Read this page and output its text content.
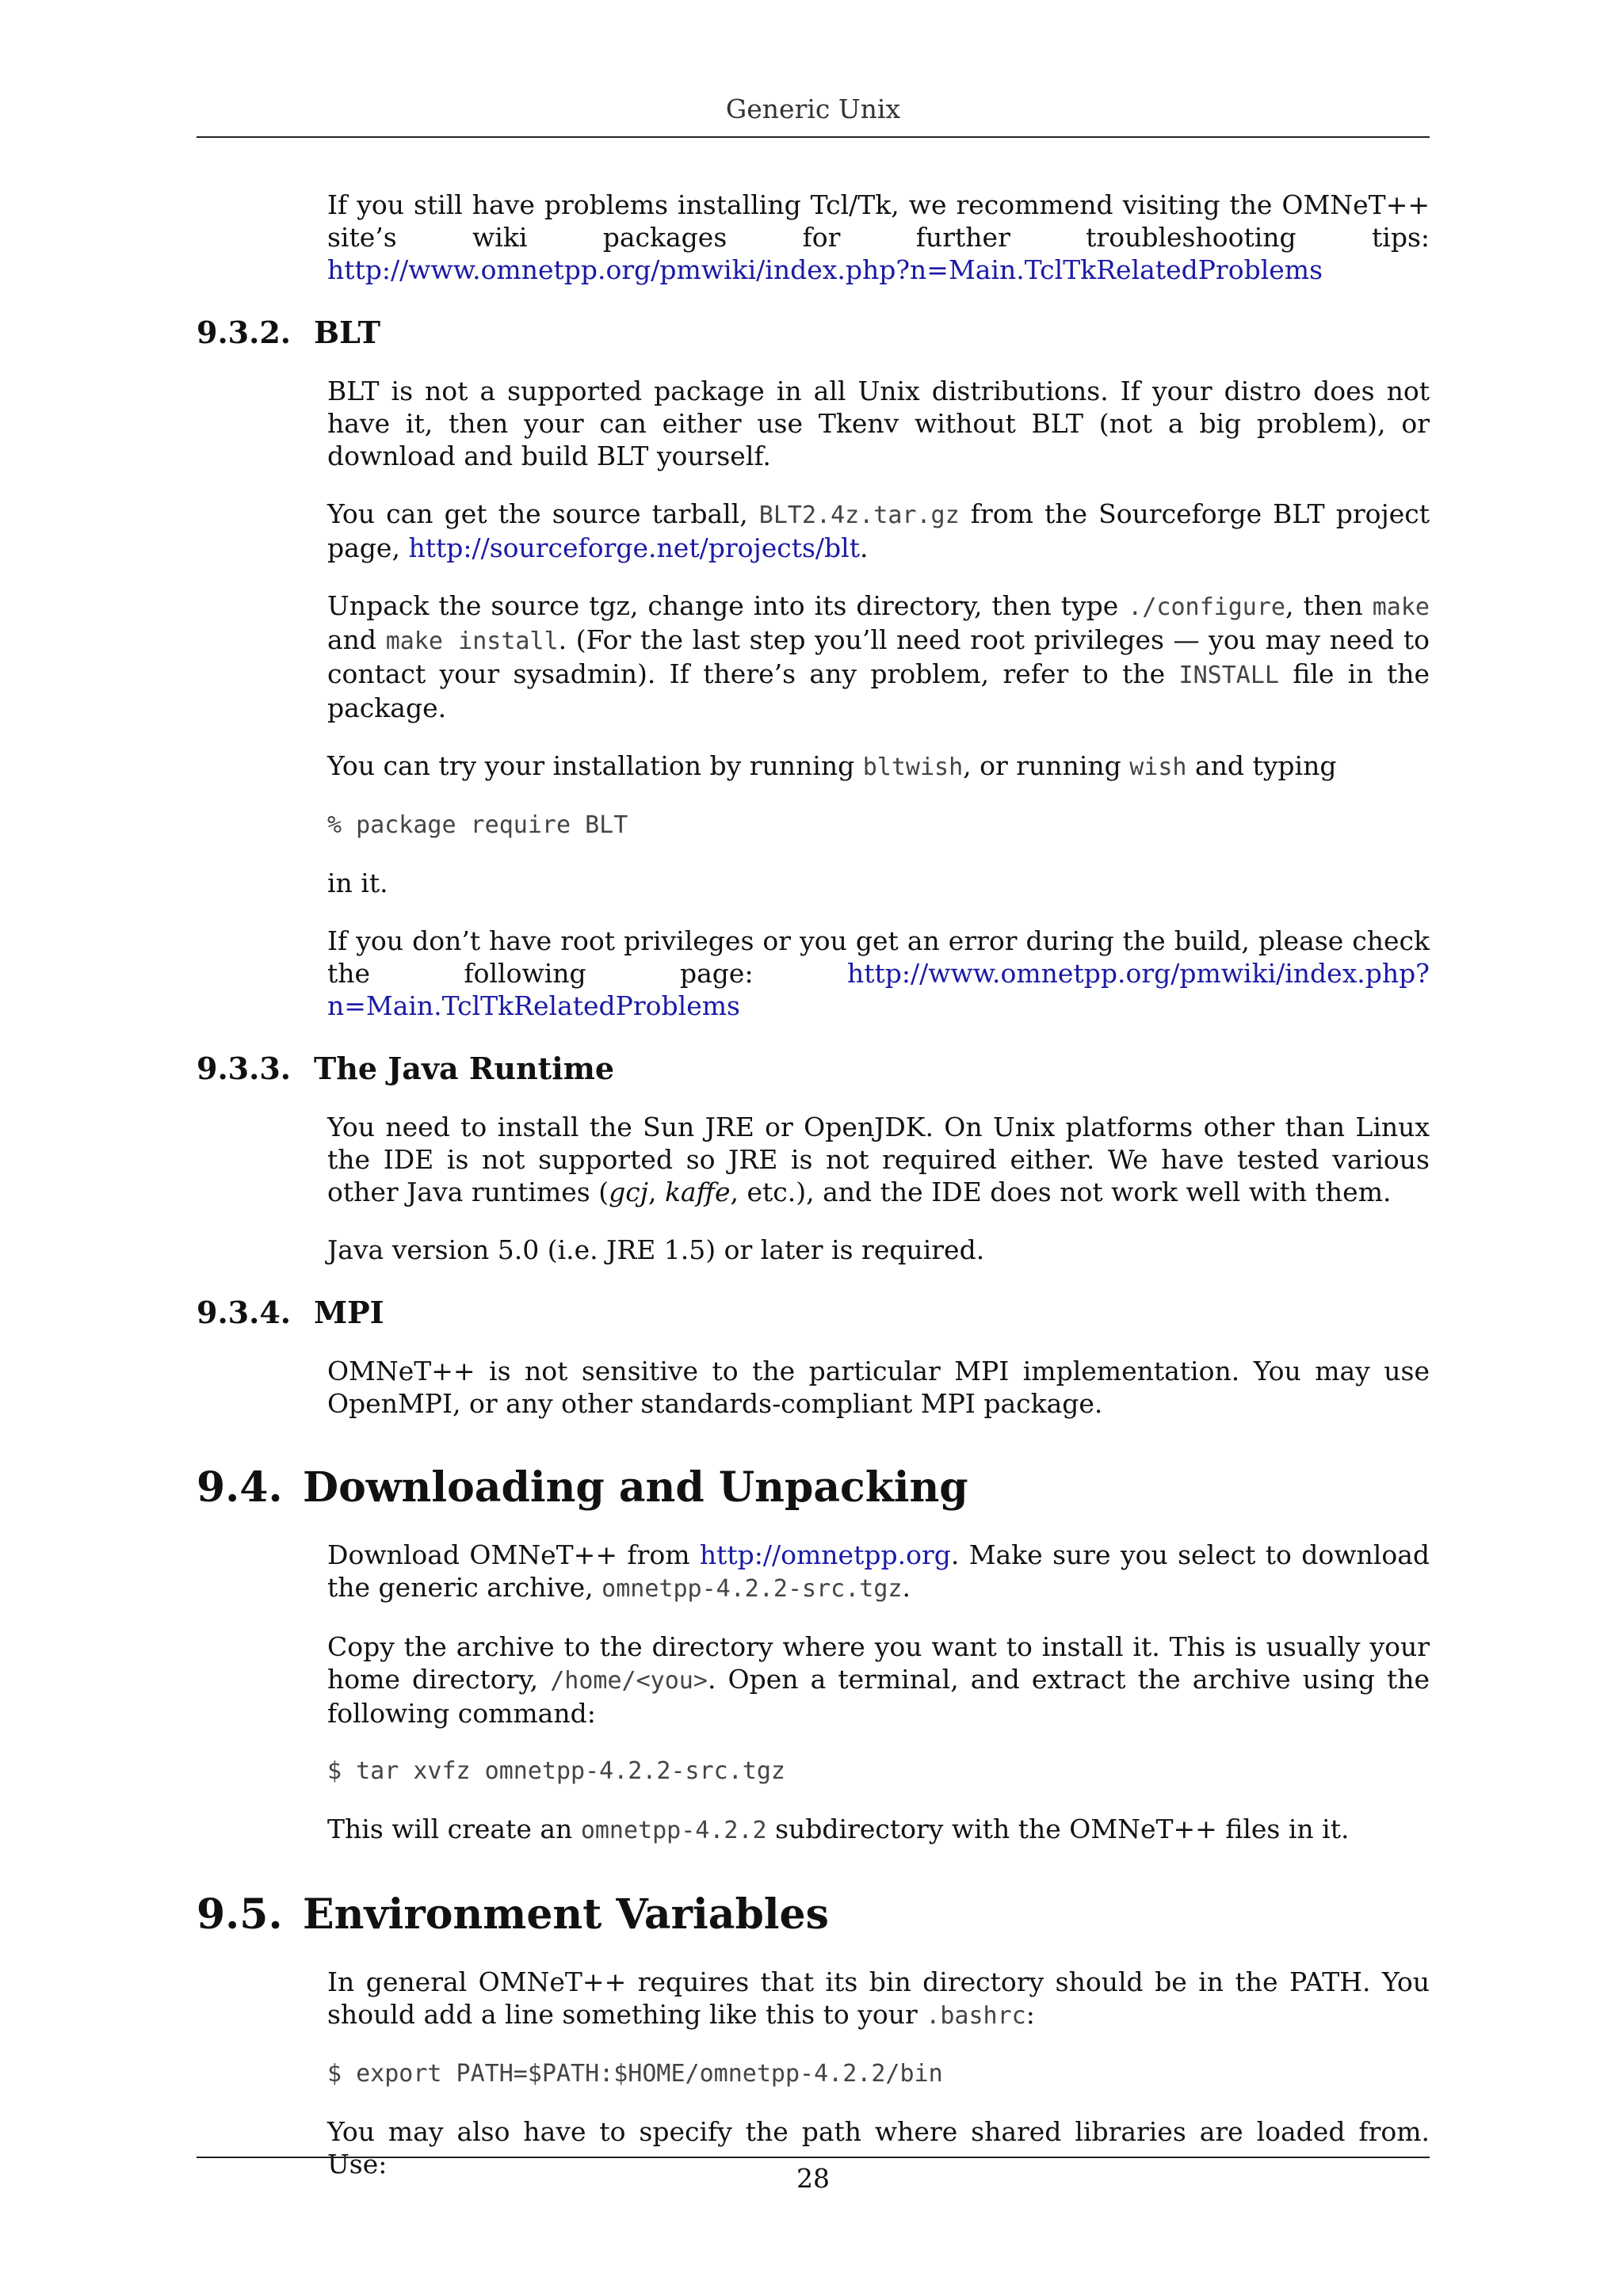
Generic Unix

If you still have problems installing Tcl/Tk, we recommend visiting the OMNeT++ site’s wiki packages for further troubleshooting tips: http://www.omnetpp.org/pmwiki/index.php?n=Main.TclTkRelatedProblems

9.3.2. BLT

BLT is not a supported package in all Unix distributions. If your distro does not have it, then your can either use Tkenv without BLT (not a big problem), or download and build BLT yourself.

You can get the source tarball, BLT2.4z.tar.gz from the Sourceforge BLT project page, http://sourceforge.net/projects/blt.

Unpack the source tgz, change into its directory, then type ./configure, then make and make install. (For the last step you’ll need root privileges — you may need to contact your sysadmin). If there’s any problem, refer to the INSTALL file in the package.

You can try your installation by running bltwish, or running wish and typing

% package require BLT

in it.

If you don’t have root privileges or you get an error during the build, please check the following page: http://www.omnetpp.org/pmwiki/index.php?n=Main.TclTkRelatedProblems

9.3.3. The Java Runtime

You need to install the Sun JRE or OpenJDK. On Unix platforms other than Linux the IDE is not supported so JRE is not required either. We have tested various other Java runtimes (gcj, kaffe, etc.), and the IDE does not work well with them.

Java version 5.0 (i.e. JRE 1.5) or later is required.

9.3.4. MPI

OMNeT++ is not sensitive to the particular MPI implementation. You may use OpenMPI, or any other standards-compliant MPI package.

9.4. Downloading and Unpacking

Download OMNeT++ from http://omnetpp.org. Make sure you select to download the generic archive, omnetpp-4.2.2-src.tgz.

Copy the archive to the directory where you want to install it. This is usually your home directory, /home/<you>. Open a terminal, and extract the archive using the following command:

$ tar xvfz omnetpp-4.2.2-src.tgz

This will create an omnetpp-4.2.2 subdirectory with the OMNeT++ files in it.

9.5. Environment Variables

In general OMNeT++ requires that its bin directory should be in the PATH. You should add a line something like this to your .bashrc:

$ export PATH=$PATH:$HOME/omnetpp-4.2.2/bin

You may also have to specify the path where shared libraries are loaded from. Use:	28
